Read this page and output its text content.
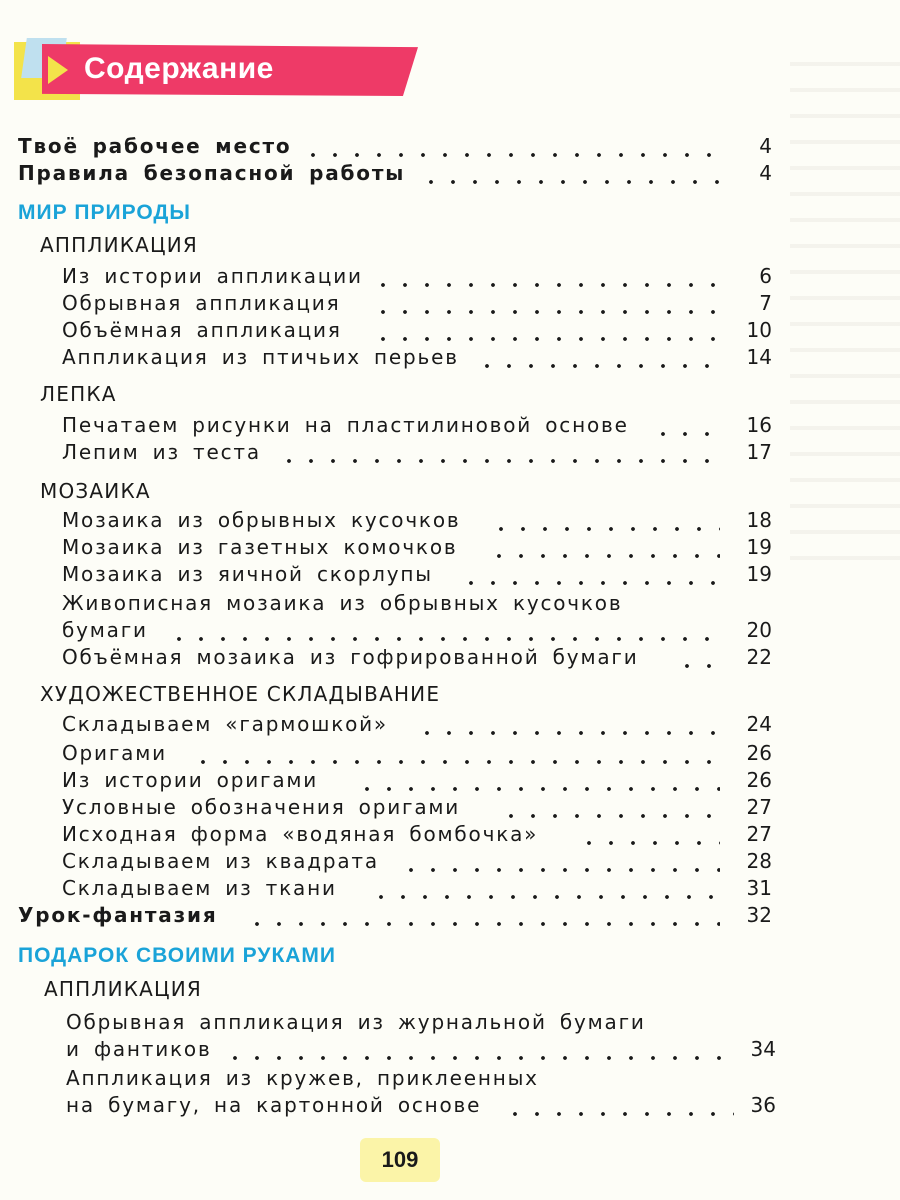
Содержание
Твоё рабочее место	4
Правила безопасной работы	4
МИР ПРИРОДЫ
АППЛИКАЦИЯ
Из истории аппликации	6
Обрывная аппликация	7
Объёмная аппликация	10
Аппликация из птичьих перьев	14
ЛЕПКА
Печатаем рисунки на пластилиновой основе	16
Лепим из теста	17
МОЗАИКА
Мозаика из обрывных кусочков	18
Мозаика из газетных комочков	19
Мозаика из яичной скорлупы	19
Живописная мозаика из обрывных кусочков
бумаги	20
Объёмная мозаика из гофрированной бумаги	22
ХУДОЖЕСТВЕННОЕ СКЛАДЫВАНИЕ
Складываем «гармошкой»	24
Оригами	26
Из истории оригами	26
Условные обозначения оригами	27
Исходная форма «водяная бомбочка»	27
Складываем из квадрата	28
Складываем из ткани	31
Урок-фантазия	32
ПОДАРОК СВОИМИ РУКАМИ
АППЛИКАЦИЯ
Обрывная аппликация из журнальной бумаги
и фантиков	34
Аппликация из кружев, приклеенных
на бумагу, на картонной основе	36
109
